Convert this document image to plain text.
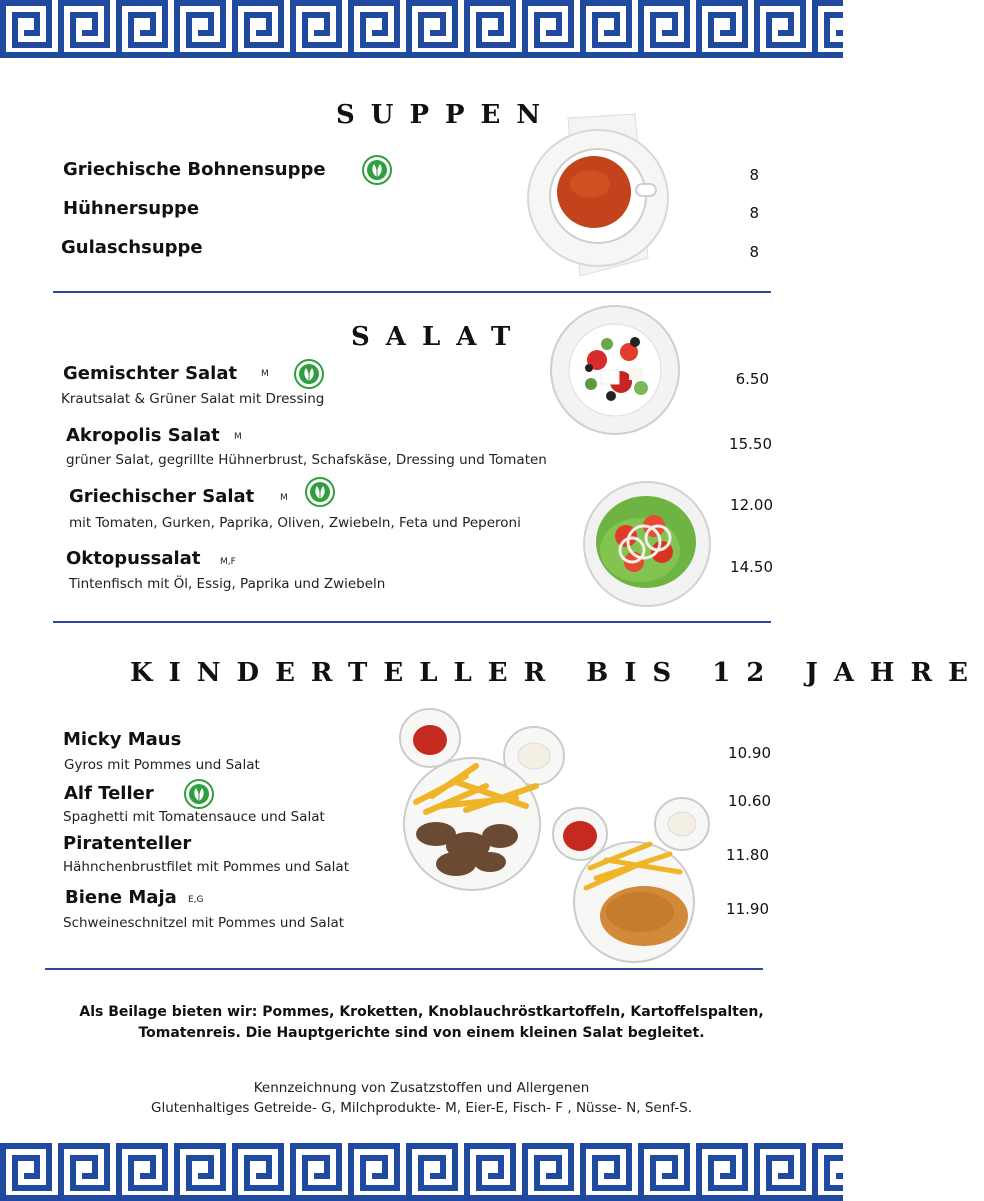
SUPPEN
Griechische Bohnensuppe	8
Hühnersuppe	8
Gulaschsuppe	8
SALAT
Gemischter Salat	M
Krautsalat & Grüner Salat mit Dressing
6.50
Akropolis Salat M
grüner Salat, gegrillte Hühnerbrust, Schafskäse, Dressing und Tomaten
15.50
Griechischer Salat	M
mit Tomaten, Gurken, Paprika, Oliven, Zwiebeln, Feta und Peperoni
12.00
Oktopussalat M,F
Tintenfisch mit Öl, Essig, Paprika und Zwiebeln
14.50
KINDERTELLER BIS 12 JAHRE
Micky Maus
Gyros mit Pommes und Salat
10.90
Alf Teller
Spaghetti mit Tomatensauce und Salat
10.60
Piratenteller
Hähnchenbrustfilet mit Pommes und Salat
11.80
Biene Maja E,G
Schweineschnitzel mit Pommes und Salat
11.90
Als Beilage bieten wir: Pommes, Kroketten, Knoblauchröstkartoffeln, Kartoffelspalten,
Tomatenreis. Die Hauptgerichte sind von einem kleinen Salat begleitet.
Kennzeichnung von Zusatzstoffen und Allergenen
Glutenhaltiges Getreide- G, Milchprodukte- M, Eier-E, Fisch- F , Nüsse- N, Senf-S.
